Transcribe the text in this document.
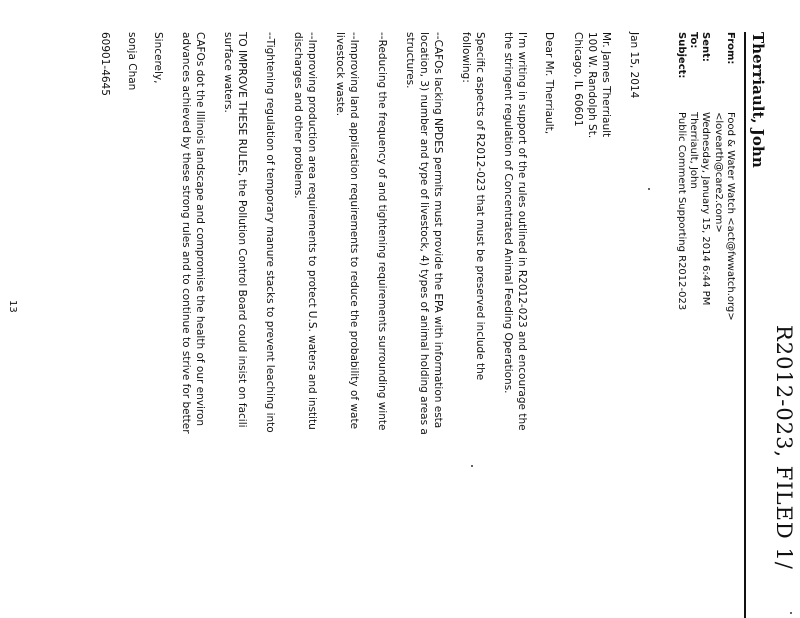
R2012-023, FILED 1/
Therriault, John
From:
Food & Water Watch <act@fwwatch.org>
<lovearth@care2.com>
Sent:
Wednesday, January 15, 2014 6:44 PM
To:
Therriault, John
Subject:
Public Comment Supporting R2012-023
Jan 15, 2014
Mr. James Therriault
100 W. Randolph St.
Chicago, IL 60601
Dear Mr. Therriault,
I'm writing in support of the rules outlined in R2012-023 and encourage the
the stringent regulation of Concentrated Animal Feeding Operations.
Specific aspects of R2012-023 that must be preserved include the
following:
--CAFOs lacking NPDES permits must provide the EPA with information esta
location, 3) number and type of livestock, 4) types of animal holding areas a
structures.
--Reducing the frequency of and tightening requirements surrounding winte
--Improving land application requirements to reduce the probability of wate
livestock waste.
--Improving production area requirements to protect U.S. waters and institu
discharges and other problems.
--Tightening regulation of temporary manure stacks to prevent leaching into
TO IMPROVE THESE RULES, the Pollution Control Board could insist on facili
surface waters.
CAFOs dot the Illinois landscape and compromise the health of our environ
advances achieved by these strong rules and to continue to strive for better
Sincerely,
sonja Chan
60901-4645
13
